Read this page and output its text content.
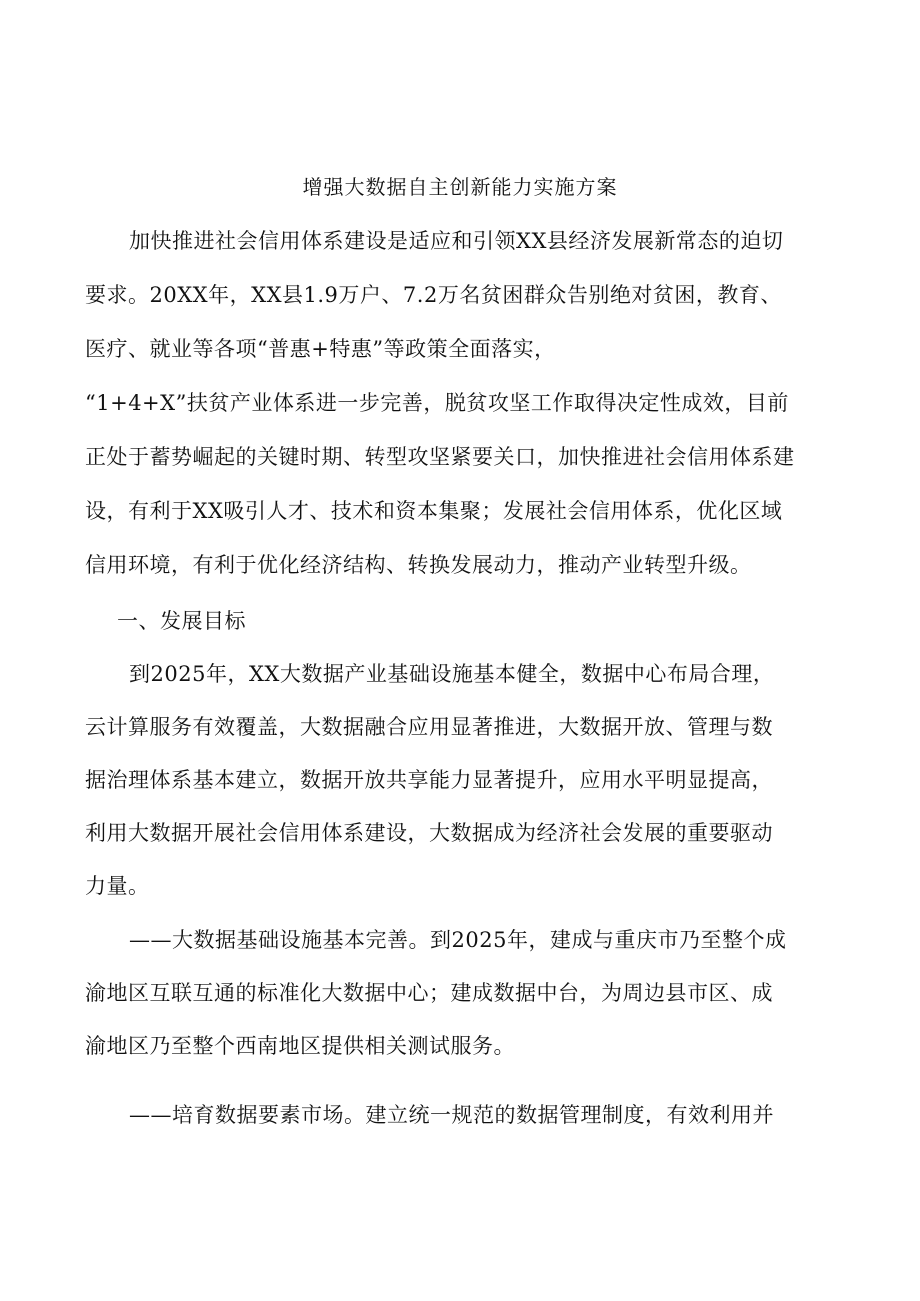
增强大数据自主创新能力实施方案
加快推进社会信用体系建设是适应和引领XX县经济发展新常态的迫切
要求。20XX年，XX县1.9万户、7.2万名贫困群众告别绝对贫困，教育、
医疗、就业等各项“普惠+特惠”等政策全面落实，
“1+4+X”扶贫产业体系进一步完善，脱贫攻坚工作取得决定性成效，目前
正处于蓄势崛起的关键时期、转型攻坚紧要关口，加快推进社会信用体系建
设，有利于XX吸引人才、技术和资本集聚；发展社会信用体系，优化区域
信用环境，有利于优化经济结构、转换发展动力，推动产业转型升级。
一、发展目标
到2025年，XX大数据产业基础设施基本健全，数据中心布局合理，
云计算服务有效覆盖，大数据融合应用显著推进，大数据开放、管理与数
据治理体系基本建立，数据开放共享能力显著提升，应用水平明显提高，
利用大数据开展社会信用体系建设，大数据成为经济社会发展的重要驱动
力量。
——大数据基础设施基本完善。到2025年，建成与重庆市乃至整个成
渝地区互联互通的标准化大数据中心；建成数据中台，为周边县市区、成
渝地区乃至整个西南地区提供相关测试服务。
——培育数据要素市场。建立统一规范的数据管理制度，有效利用并
